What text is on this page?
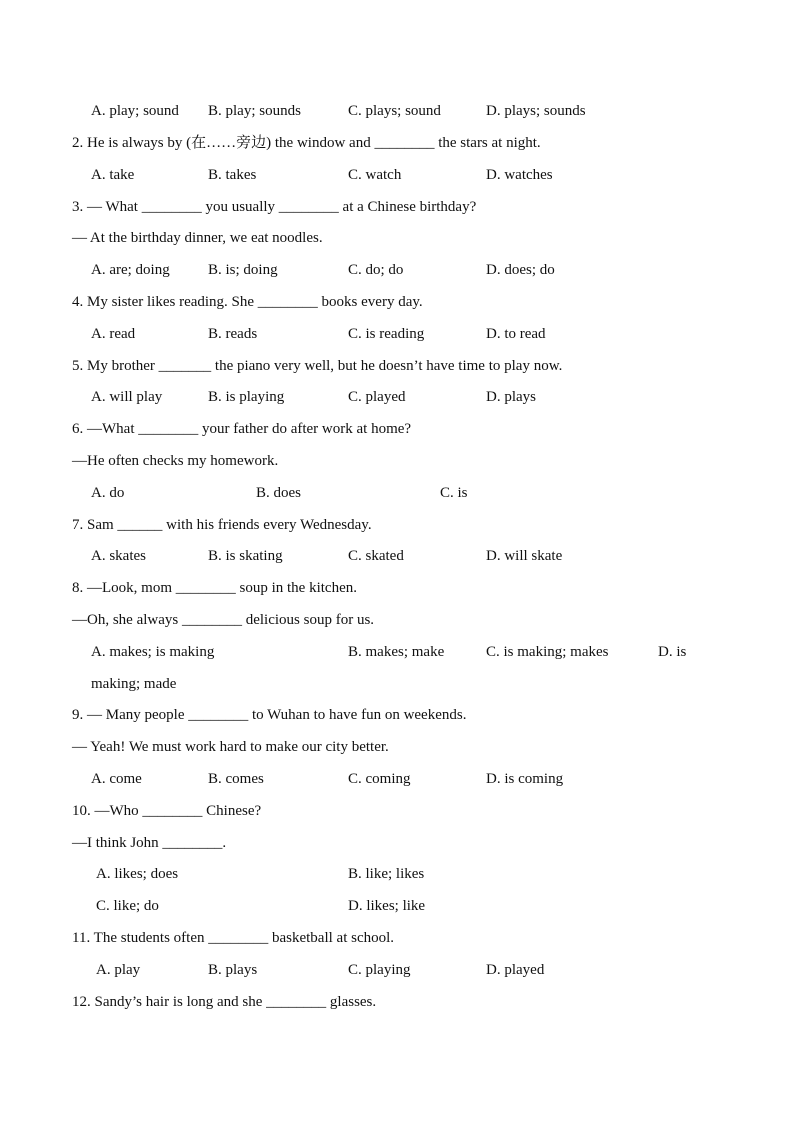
A. play; sound B. play; sounds	C. plays; sound	D. plays; sounds
2. He is always by (在……旁边) the window and ________ the stars at night.
A. take	B. takes	C. watch	D. watches
3. — What ________ you usually ________ at a Chinese birthday?
— At the birthday dinner, we eat noodles.
A. are; doing	B. is; doing	C. do; do	D. does; do
4. My sister likes reading. She ________ books every day.
A. read	B. reads	C. is reading	D. to read
5. My brother _______ the piano very well, but he doesn’t have time to play now.
A. will play	B. is playing	C. played	D. plays
6. —What ________ your father do after work at home?
—He often checks my homework.
A. do	B. does	C. is
7. Sam ______ with his friends every Wednesday.
A. skates	B. is skating	C. skated	D. will skate
8. —Look, mom ________ soup in the kitchen.
—Oh, she always ________ delicious soup for us.
A. makes; is making	B. makes; make	C. is making; makes	D. is
making; made
9. — Many people ________ to Wuhan to have fun on weekends.
— Yeah! We must work hard to make our city better.
A. come	B. comes	C. coming	D. is coming
10. —Who ________ Chinese?
—I think John ________.
A. likes; does	B. like; likes
C. like; do	D. likes; like
11. The students often ________ basketball at school.
A. play	B. plays	C. playing	D. played
12. Sandy’s hair is long and she ________ glasses.
